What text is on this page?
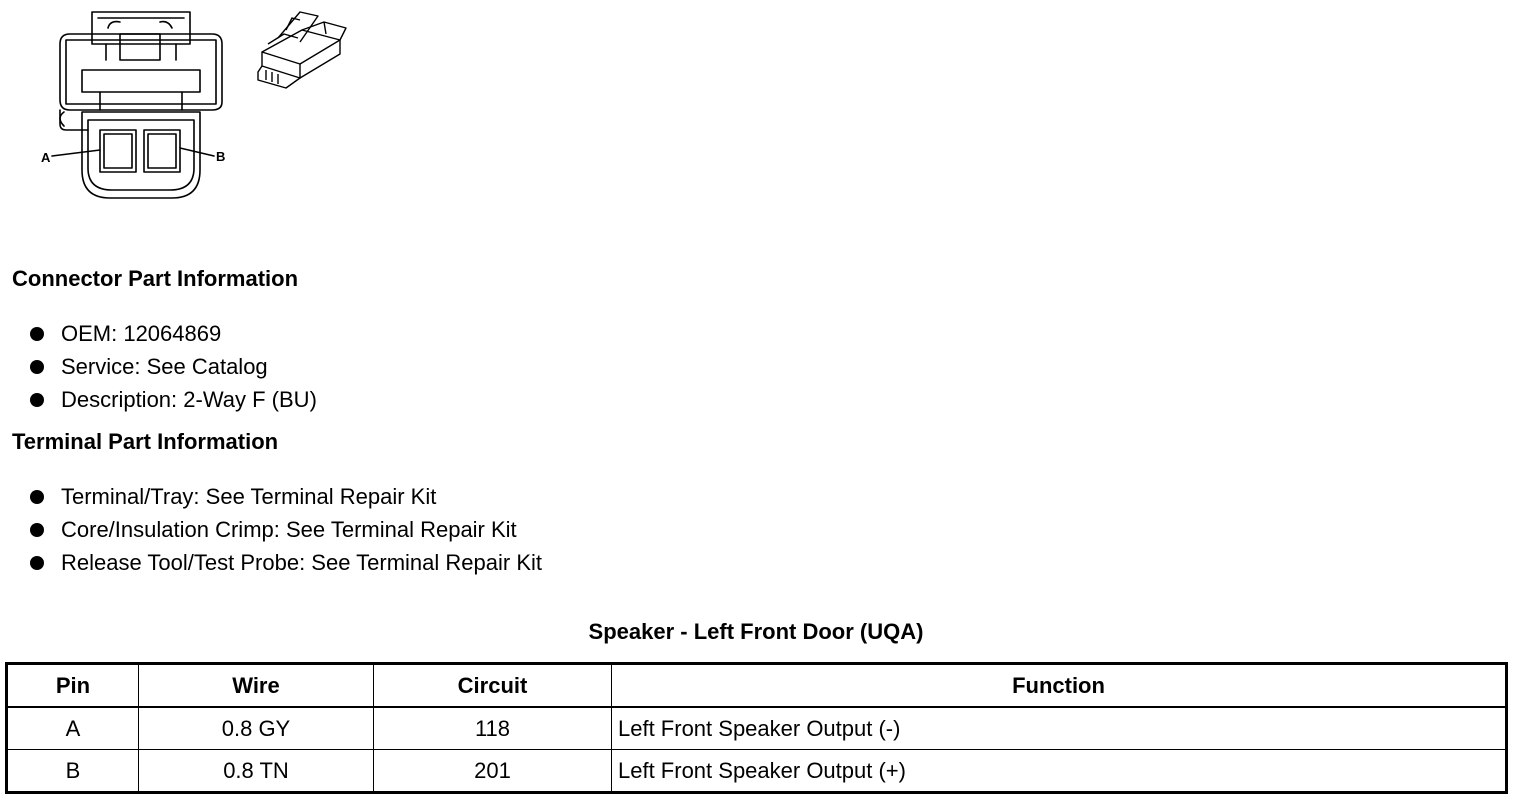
A	B
Connector Part Information
OEM: 12064869
Service: See Catalog
Description: 2-Way F (BU)
Terminal Part Information
Terminal/Tray: See Terminal Repair Kit
Core/Insulation Crimp: See Terminal Repair Kit
Release Tool/Test Probe: See Terminal Repair Kit
Speaker - Left Front Door (UQA)
Pin	Wire	Circuit	Function
A	0.8 GY	118	Left Front Speaker Output (-)
B	0.8 TN	201	Left Front Speaker Output (+)
